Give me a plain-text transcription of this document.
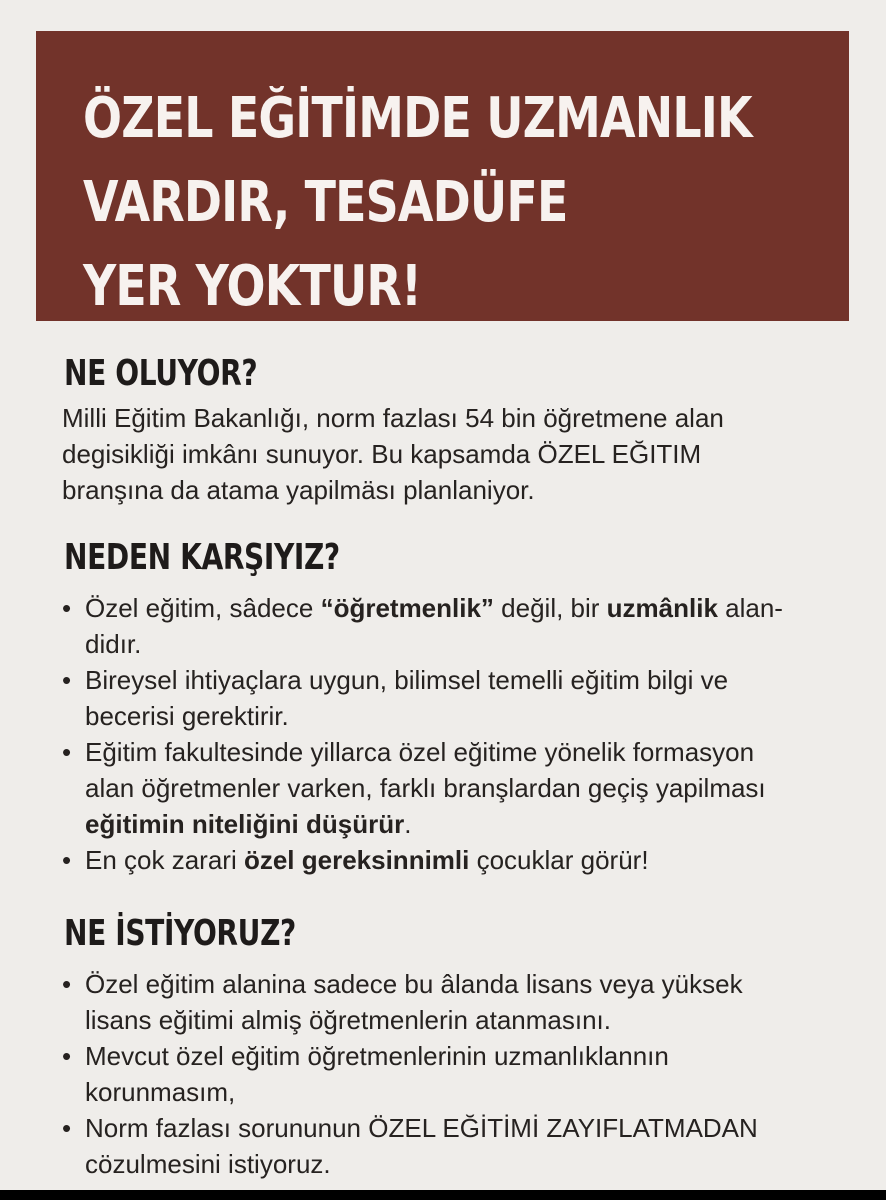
ÖZEL EĞİTİMDE UZMANLIK
VARDIR, TESADÜFE
YER YOKTUR!
NE OLUYOR?

Milli Eğitim Bakanlığı, norm fazlası 54 bin öğretmene alan
degisikliği imkânı sunuyor. Bu kapsamda ÖZEL EĞITIM
branşına da atama yapilmäsı planlaniyor.

NEDEN KARŞIYIZ?
• Özel eğitim, sâdece “öğretmenlik” değil, bir uzmânlik alan-
didır.
• Bireysel ihtiyaçlara uygun, bilimsel temelli eğitim bilgi ve
becerisi gerektirir.
• Eğitim fakultesinde yillarca özel eğitime yönelik formasyon
alan öğretmenler varken, farklı branşlardan geçiş yapilması
eğitimin niteliğini düşürür.
• En çok zarari özel gereksinnimli çocuklar görür!
NE İSTİYORUZ?
• Özel eğitim alanina sadece bu âlanda lisans veya yüksek
lisans eğitimi almiş öğretmenlerin atanmasını.
• Mevcut özel eğitim öğretmenlerinin uzmanlıklannın
korunmasım,
• Norm fazlası sorununun ÖZEL EĞİTİMİ ZAYIFLATMADAN
cözulmesini istiyoruz.
